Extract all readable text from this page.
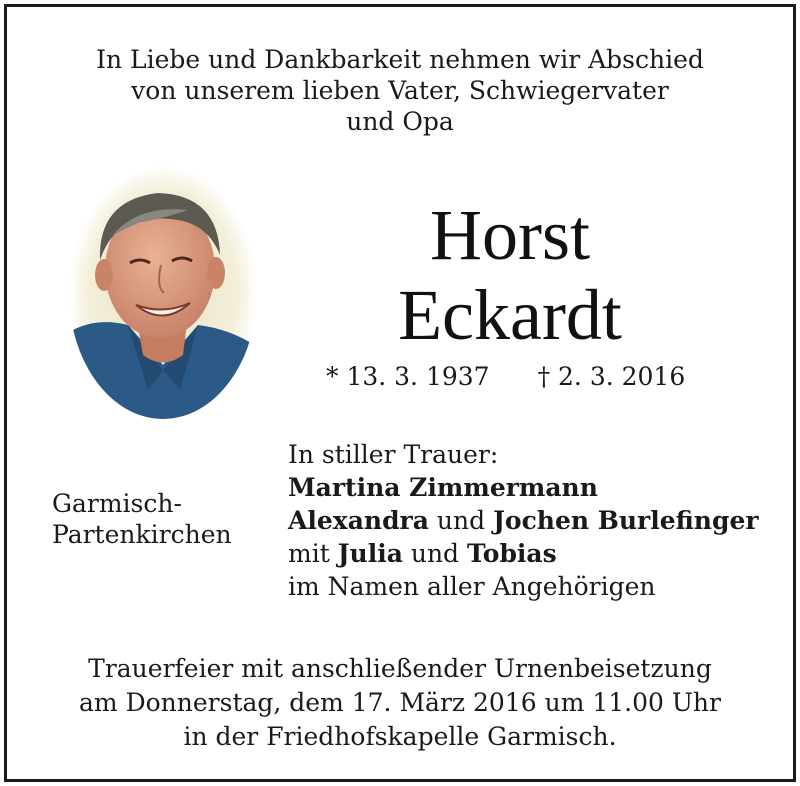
In Liebe und Dankbarkeit nehmen wir Abschied
von unserem lieben Vater, Schwiegervater
und Opa
Horst
Eckardt
* 13. 3. 1937 † 2. 3. 2016
Garmisch-
Partenkirchen
In stiller Trauer:
Martina Zimmermann
Alexandra und Jochen Burlefinger
mit Julia und Tobias
im Namen aller Angehörigen
Trauerfeier mit anschließender Urnenbeisetzung
am Donnerstag, dem 17. März 2016 um 11.00 Uhr
in der Friedhofskapelle Garmisch.
